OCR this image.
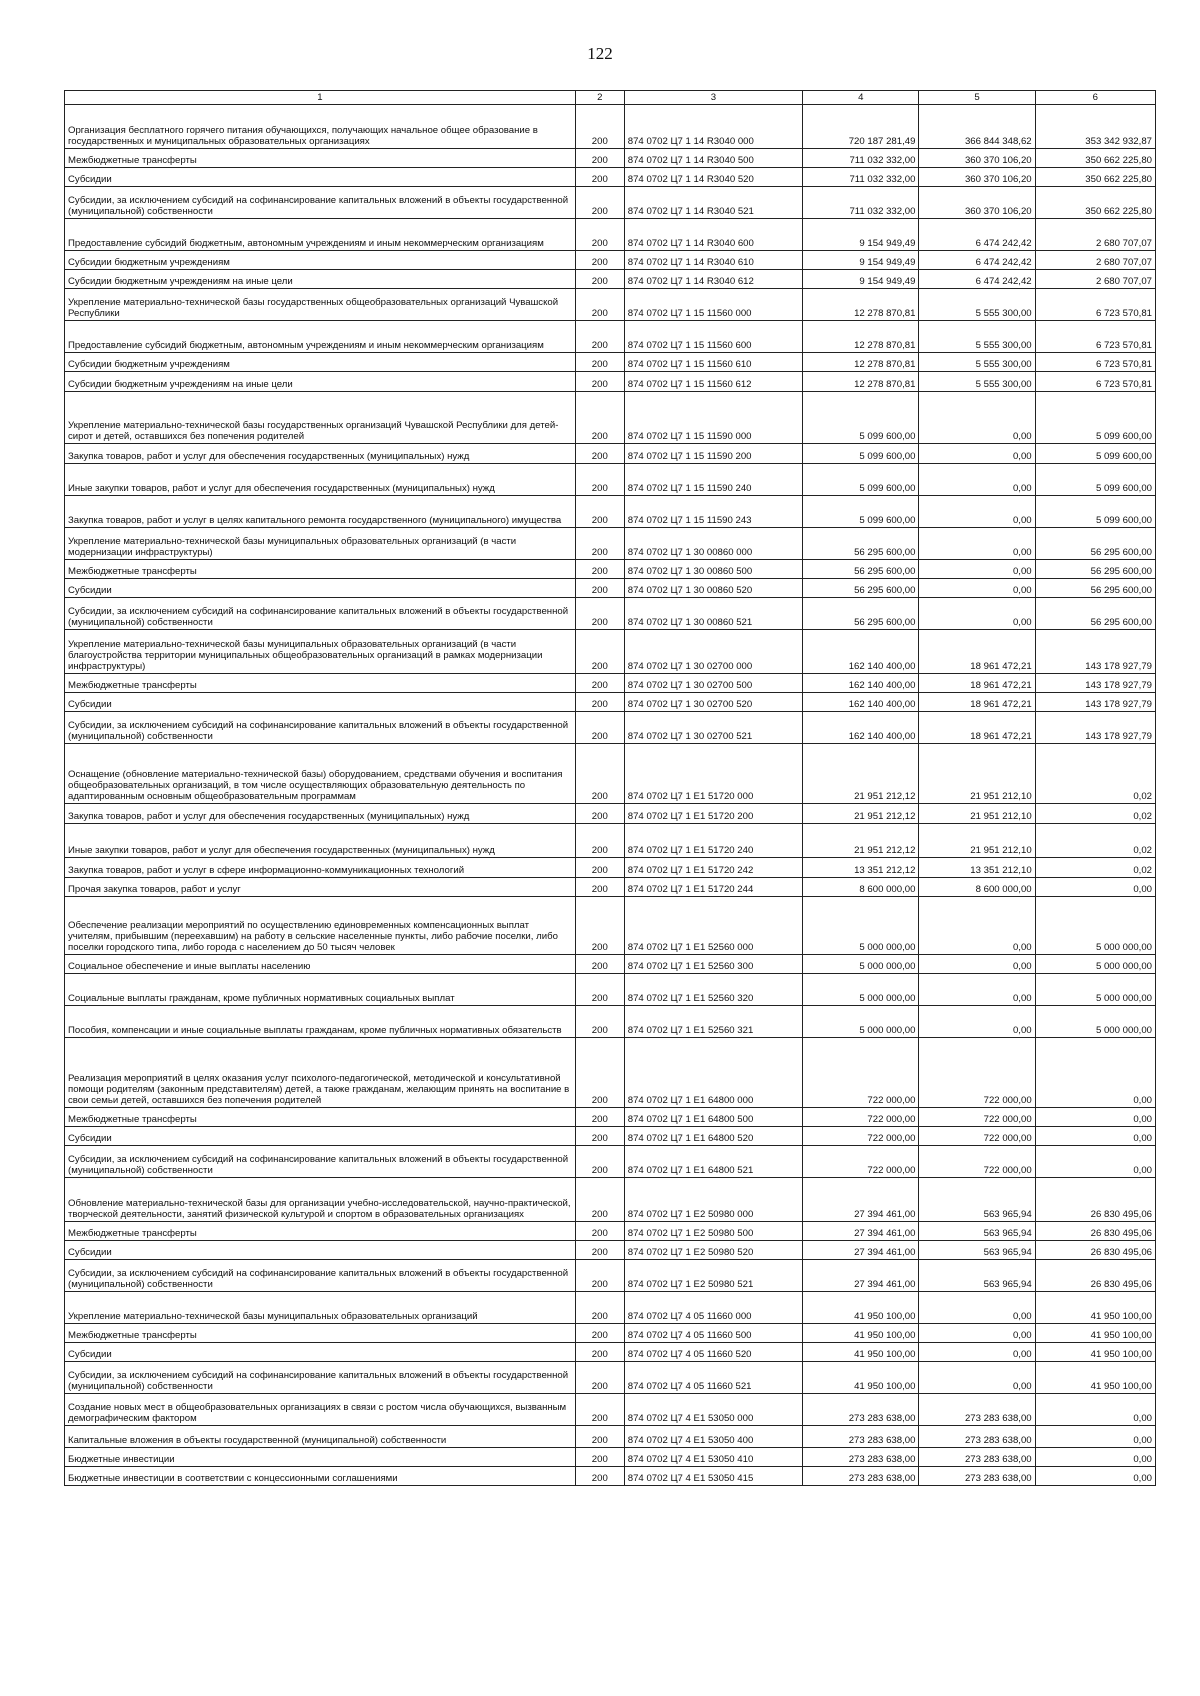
122
1	2	3	4	5	6
Организация бесплатного горячего питания обучающихся, получающих начальное общее образование в государственных и муниципальных образовательных организациях	200	874 0702 Ц7 1 14 R3040 000	720 187 281,49	366 844 348,62	353 342 932,87
Межбюджетные трансферты	200	874 0702 Ц7 1 14 R3040 500	711 032 332,00	360 370 106,20	350 662 225,80
Субсидии	200	874 0702 Ц7 1 14 R3040 520	711 032 332,00	360 370 106,20	350 662 225,80
Субсидии, за исключением субсидий на софинансирование капитальных вложений в объекты государственной (муниципальной) собственности	200	874 0702 Ц7 1 14 R3040 521	711 032 332,00	360 370 106,20	350 662 225,80
Предоставление субсидий бюджетным, автономным учреждениям и иным некоммерческим организациям	200	874 0702 Ц7 1 14 R3040 600	9 154 949,49	6 474 242,42	2 680 707,07
Субсидии бюджетным учреждениям	200	874 0702 Ц7 1 14 R3040 610	9 154 949,49	6 474 242,42	2 680 707,07
Субсидии бюджетным учреждениям на иные цели	200	874 0702 Ц7 1 14 R3040 612	9 154 949,49	6 474 242,42	2 680 707,07
Укрепление материально-технической базы государственных общеобразовательных организаций Чувашской Республики	200	874 0702 Ц7 1 15 11560 000	12 278 870,81	5 555 300,00	6 723 570,81
Предоставление субсидий бюджетным, автономным учреждениям и иным некоммерческим организациям	200	874 0702 Ц7 1 15 11560 600	12 278 870,81	5 555 300,00	6 723 570,81
Субсидии бюджетным учреждениям	200	874 0702 Ц7 1 15 11560 610	12 278 870,81	5 555 300,00	6 723 570,81
Субсидии бюджетным учреждениям на иные цели	200	874 0702 Ц7 1 15 11560 612	12 278 870,81	5 555 300,00	6 723 570,81
Укрепление материально-технической базы государственных организаций Чувашской Республики для детей-сирот и детей, оставшихся без попечения родителей	200	874 0702 Ц7 1 15 11590 000	5 099 600,00	0,00	5 099 600,00
Закупка товаров, работ и услуг для обеспечения государственных (муниципальных) нужд	200	874 0702 Ц7 1 15 11590 200	5 099 600,00	0,00	5 099 600,00
Иные закупки товаров, работ и услуг для обеспечения государственных (муниципальных) нужд	200	874 0702 Ц7 1 15 11590 240	5 099 600,00	0,00	5 099 600,00
Закупка товаров, работ и услуг в целях капитального ремонта государственного (муниципального) имущества	200	874 0702 Ц7 1 15 11590 243	5 099 600,00	0,00	5 099 600,00
Укрепление материально-технической базы муниципальных образовательных организаций (в части модернизации инфраструктуры)	200	874 0702 Ц7 1 30 00860 000	56 295 600,00	0,00	56 295 600,00
Межбюджетные трансферты	200	874 0702 Ц7 1 30 00860 500	56 295 600,00	0,00	56 295 600,00
Субсидии	200	874 0702 Ц7 1 30 00860 520	56 295 600,00	0,00	56 295 600,00
Субсидии, за исключением субсидий на софинансирование капитальных вложений в объекты государственной (муниципальной) собственности	200	874 0702 Ц7 1 30 00860 521	56 295 600,00	0,00	56 295 600,00
Укрепление материально-технической базы муниципальных образовательных организаций (в части благоустройства территории муниципальных общеобразовательных организаций в рамках модернизации инфраструктуры)	200	874 0702 Ц7 1 30 02700 000	162 140 400,00	18 961 472,21	143 178 927,79
Межбюджетные трансферты	200	874 0702 Ц7 1 30 02700 500	162 140 400,00	18 961 472,21	143 178 927,79
Субсидии	200	874 0702 Ц7 1 30 02700 520	162 140 400,00	18 961 472,21	143 178 927,79
Субсидии, за исключением субсидий на софинансирование капитальных вложений в объекты государственной (муниципальной) собственности	200	874 0702 Ц7 1 30 02700 521	162 140 400,00	18 961 472,21	143 178 927,79
Оснащение (обновление материально-технической базы) оборудованием, средствами обучения и воспитания общеобразовательных организаций, в том числе осуществляющих образовательную деятельность по адаптированным основным общеобразовательным программам	200	874 0702 Ц7 1 E1 51720 000	21 951 212,12	21 951 212,10	0,02
Закупка товаров, работ и услуг для обеспечения государственных (муниципальных) нужд	200	874 0702 Ц7 1 E1 51720 200	21 951 212,12	21 951 212,10	0,02
Иные закупки товаров, работ и услуг для обеспечения государственных (муниципальных) нужд	200	874 0702 Ц7 1 E1 51720 240	21 951 212,12	21 951 212,10	0,02
Закупка товаров, работ и услуг в сфере информационно-коммуникационных технологий	200	874 0702 Ц7 1 E1 51720 242	13 351 212,12	13 351 212,10	0,02
Прочая закупка товаров, работ и услуг	200	874 0702 Ц7 1 E1 51720 244	8 600 000,00	8 600 000,00	0,00
Обеспечение реализации мероприятий по осуществлению единовременных компенсационных выплат учителям, прибывшим (переехавшим) на работу в сельские населенные пункты, либо рабочие поселки, либо поселки городского типа, либо города с населением до 50 тысяч человек	200	874 0702 Ц7 1 E1 52560 000	5 000 000,00	0,00	5 000 000,00
Социальное обеспечение и иные выплаты населению	200	874 0702 Ц7 1 E1 52560 300	5 000 000,00	0,00	5 000 000,00
Социальные выплаты гражданам, кроме публичных нормативных социальных выплат	200	874 0702 Ц7 1 E1 52560 320	5 000 000,00	0,00	5 000 000,00
Пособия, компенсации и иные социальные выплаты гражданам, кроме публичных нормативных обязательств	200	874 0702 Ц7 1 E1 52560 321	5 000 000,00	0,00	5 000 000,00
Реализация мероприятий в целях оказания услуг психолого-педагогической, методической и консультативной помощи родителям (законным представителям) детей, а также гражданам, желающим принять на воспитание в свои семьи детей, оставшихся без попечения родителей	200	874 0702 Ц7 1 E1 64800 000	722 000,00	722 000,00	0,00
Межбюджетные трансферты	200	874 0702 Ц7 1 E1 64800 500	722 000,00	722 000,00	0,00
Субсидии	200	874 0702 Ц7 1 E1 64800 520	722 000,00	722 000,00	0,00
Субсидии, за исключением субсидий на софинансирование капитальных вложений в объекты государственной (муниципальной) собственности	200	874 0702 Ц7 1 E1 64800 521	722 000,00	722 000,00	0,00
Обновление материально-технической базы для организации учебно-исследовательской, научно-практической, творческой деятельности, занятий физической культурой и спортом в образовательных организациях	200	874 0702 Ц7 1 E2 50980 000	27 394 461,00	563 965,94	26 830 495,06
Межбюджетные трансферты	200	874 0702 Ц7 1 E2 50980 500	27 394 461,00	563 965,94	26 830 495,06
Субсидии	200	874 0702 Ц7 1 E2 50980 520	27 394 461,00	563 965,94	26 830 495,06
Субсидии, за исключением субсидий на софинансирование капитальных вложений в объекты государственной (муниципальной) собственности	200	874 0702 Ц7 1 E2 50980 521	27 394 461,00	563 965,94	26 830 495,06
Укрепление материально-технической базы муниципальных образовательных организаций	200	874 0702 Ц7 4 05 11660 000	41 950 100,00	0,00	41 950 100,00
Межбюджетные трансферты	200	874 0702 Ц7 4 05 11660 500	41 950 100,00	0,00	41 950 100,00
Субсидии	200	874 0702 Ц7 4 05 11660 520	41 950 100,00	0,00	41 950 100,00
Субсидии, за исключением субсидий на софинансирование капитальных вложений в объекты государственной (муниципальной) собственности	200	874 0702 Ц7 4 05 11660 521	41 950 100,00	0,00	41 950 100,00
Создание новых мест в общеобразовательных организациях в связи с ростом числа обучающихся, вызванным демографическим фактором	200	874 0702 Ц7 4 E1 53050 000	273 283 638,00	273 283 638,00	0,00
Капитальные вложения в объекты государственной (муниципальной) собственности	200	874 0702 Ц7 4 E1 53050 400	273 283 638,00	273 283 638,00	0,00
Бюджетные инвестиции	200	874 0702 Ц7 4 E1 53050 410	273 283 638,00	273 283 638,00	0,00
Бюджетные инвестиции в соответствии с концессионными соглашениями	200	874 0702 Ц7 4 E1 53050 415	273 283 638,00	273 283 638,00	0,00
